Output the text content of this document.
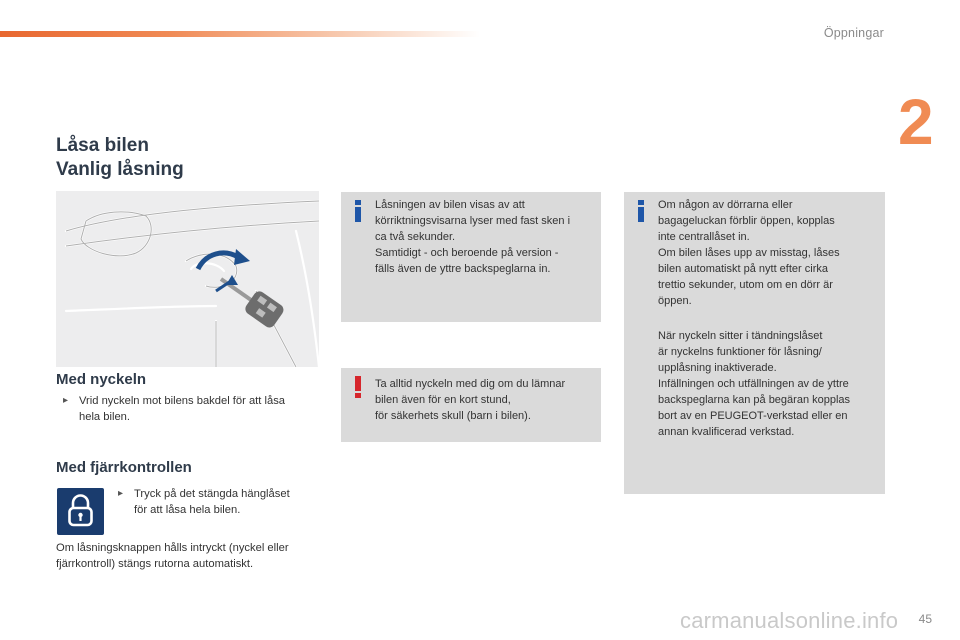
Öppningar
2
Låsa bilen
Vanlig låsning
Med nyckeln
▸ Vrid nyckeln mot bilens bakdel för att låsa
hela bilen.
Med fjärrkontrollen
▸ Tryck på det stängda hänglåset
för att låsa hela bilen.
Om låsningsknappen hålls intryckt (nyckel eller
fjärrkontroll) stängs rutorna automatiskt.
Låsningen av bilen visas av att
körriktningsvisarna lyser med fast sken i
ca två sekunder.
Samtidigt - och beroende på version -
fälls även de yttre backspeglarna in.
Ta alltid nyckeln med dig om du lämnar
bilen även för en kort stund,
för säkerhets skull (barn i bilen).
Om någon av dörrarna eller
bagageluckan förblir öppen, kopplas
inte centrallåset in.
Om bilen låses upp av misstag, låses
bilen automatiskt på nytt efter cirka
trettio sekunder, utom om en dörr är
öppen.
När nyckeln sitter i tändningslåset
är nyckelns funktioner för låsning/
upplåsning inaktiverade.
Infällningen och utfällningen av de yttre
backspeglarna kan på begäran kopplas
bort av en PEUGEOT-verkstad eller en
annan kvalificerad verkstad.
45
carmanualsonline.info
